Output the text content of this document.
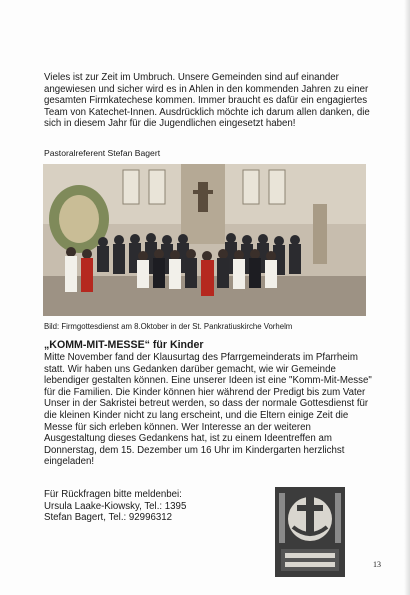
Vieles ist zur Zeit im Umbruch. Unsere Gemeinden sind auf einander angewiesen und sicher wird es in Ahlen in den kommenden Jahren zu einer gesamten Firmkatechese kommen. Immer braucht es dafür ein engagiertes Team von Katechet-Innen. Ausdrücklich möchte ich darum allen danken, die sich in diesem Jahr für die Jugendlichen eingesetzt haben!

Pastoralreferent Stefan Bagert
Bild: Firmgottesdienst am 8.Oktober in der St. Pankratiuskirche Vorhelm
„KOMM-MIT-MESSE“ für Kinder

Mitte November fand der Klausurtag des Pfarrgemeinderats im Pfarrheim statt. Wir haben uns Gedanken darüber gemacht, wie wir Gemeinde lebendiger gestalten können. Eine unserer Ideen ist eine "Komm-Mit-Messe" für die Familien. Die Kinder können hier während der Predigt bis zum Vater Unser in der Sakristei betreut werden, so dass der normale Gottesdienst für die kleinen Kinder nicht zu lang erscheint, und die Eltern einige Zeit die Messe für sich erleben können. Wer Interesse an der weiteren Ausgestaltung dieses Gedankens hat, ist zu einem Ideentreffen am Donnerstag, dem 15. Dezember um 16 Uhr im Kindergarten herzlichst eingeladen!

Für Rückfragen bitte meldenbei:
Ursula Laake-Kiowsky, Tel.: 1395
Stefan Bagert, Tel.: 92996312
13
